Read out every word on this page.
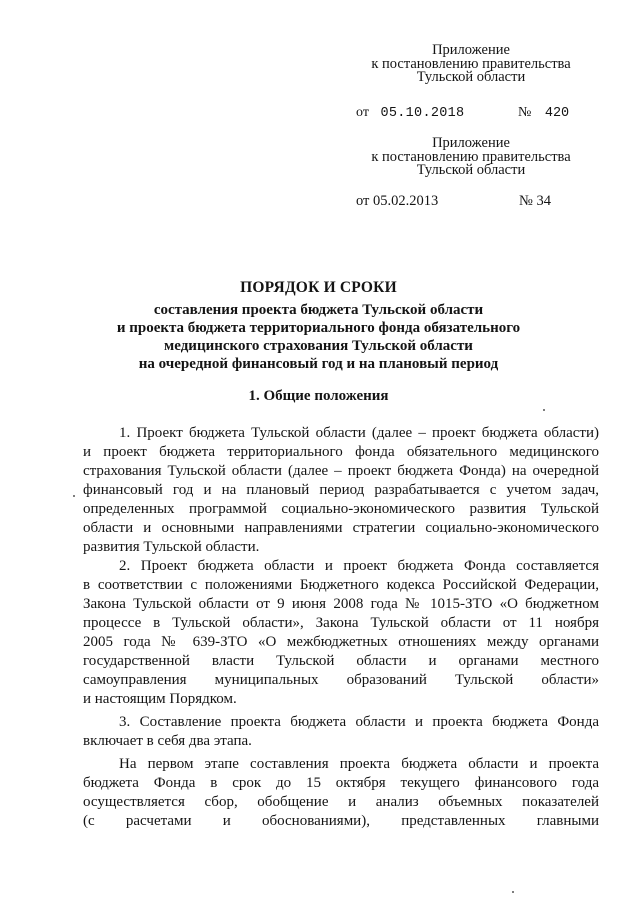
Приложение
к постановлению правительства
Тульской области
от 05.10.2018	№ 420
Приложение
к постановлению правительства
Тульской области
от 05.02.2013	№ 34
ПОРЯДОК И СРОКИ
составления проекта бюджета Тульской области
и проекта бюджета территориального фонда обязательного
медицинского страхования Тульской области
на очередной финансовый год и на плановый период
1. Общие положения
1. Проект бюджета Тульской области (далее – проект бюджета области)
и проект бюджета территориального фонда обязательного медицинского
страхования Тульской области (далее – проект бюджета Фонда) на очередной
финансовый год и на плановый период разрабатывается с учетом задач,
определенных программой социально-экономического развития Тульской
области и основными направлениями стратегии социально-экономического
развития Тульской области.
2. Проект бюджета области и проект бюджета Фонда составляется
в соответствии с положениями Бюджетного кодекса Российской Федерации,
Закона Тульской области от 9 июня 2008 года № 1015-ЗТО «О бюджетном
процессе в Тульской области», Закона Тульской области от 11 ноября
2005 года № 639-ЗТО «О межбюджетных отношениях между органами
государственной власти Тульской области и органами местного
самоуправления муниципальных образований Тульской области»
и настоящим Порядком.
3. Составление проекта бюджета области и проекта бюджета Фонда
включает в себя два этапа.
На первом этапе составления проекта бюджета области и проекта
бюджета Фонда в срок до 15 октября текущего финансового года
осуществляется сбор, обобщение и анализ объемных показателей
(с расчетами и обоснованиями), представленных главными
